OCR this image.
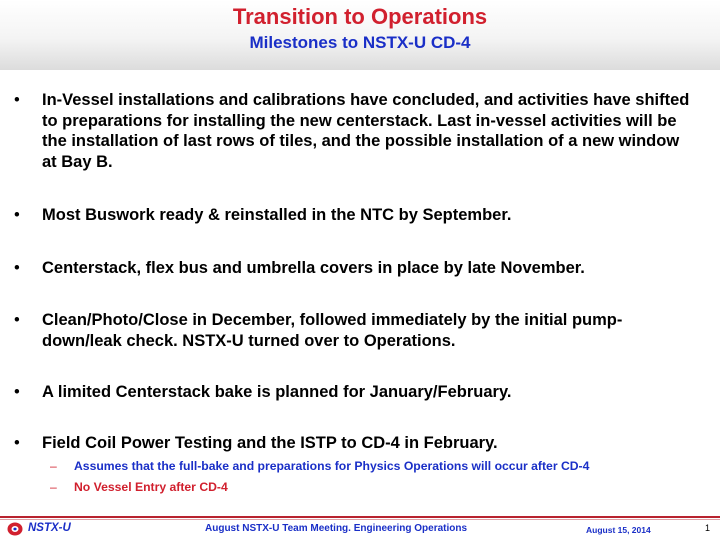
Transition to Operations
Milestones to NSTX-U CD-4
• In-Vessel installations and calibrations have concluded, and activities have shifted to preparations for installing the new centerstack. Last in-vessel activities will be the installation of last rows of tiles, and the possible installation of a new window at Bay B.
• Most Buswork ready & reinstalled in the NTC by September.
• Centerstack, flex bus and umbrella covers in place by late November.
• Clean/Photo/Close in December, followed immediately by the initial pump-down/leak check. NSTX-U turned over to Operations.
• A limited Centerstack bake is planned for January/February.
• Field Coil Power Testing and the ISTP to CD-4 in February.
– Assumes that the full-bake and preparations for Physics Operations will occur after CD-4
– No Vessel Entry after CD-4
NSTX-U	August NSTX-U Team Meeting. Engineering Operations	August 15, 2014	1
